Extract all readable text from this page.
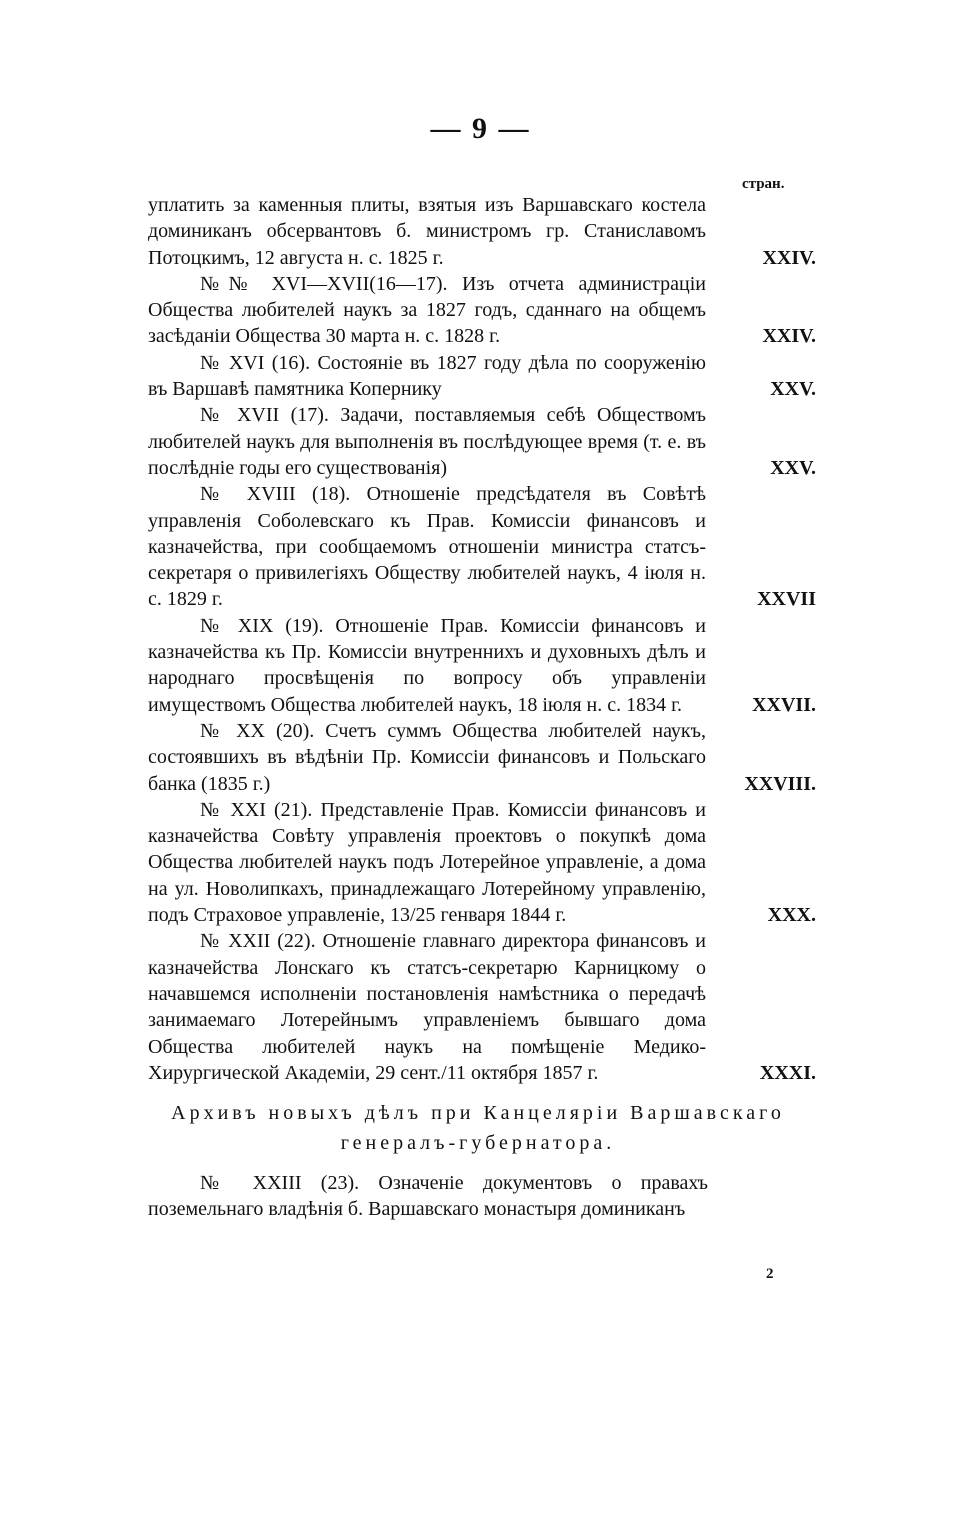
— 9 —
стран.
уплатить за каменныя плиты, взятыя изъ Варшавскаго костела доминиканъ обсервантовъ б. министромъ гр. Станиславомъ Потоцкимъ, 12 августа н. с. 1825 г.	XXIV.
№№ XVI—XVII(16—17). Изъ отчета администраціи Общества любителей наукъ за 1827 годъ, сданнаго на общемъ засѣданіи Общества 30 марта н. с. 1828 г.	XXIV.
№ XVI (16). Состояніе въ 1827 году дѣла по сооруженію въ Варшавѣ памятника Копернику	XXV.
№ XVII (17). Задачи, поставляемыя себѣ Обществомъ любителей наукъ для выполненія въ послѣдующее время (т. е. въ послѣдніе годы его существованія)	XXV.
№ XVIII (18). Отношеніе предсѣдателя въ Совѣтѣ управленія Соболевскаго къ Прав. Комиссіи финансовъ и казначейства, при сообщаемомъ отношеніи министра статсъ-секретаря о привилегіяхъ Обществу любителей наукъ, 4 іюля н. с. 1829 г.	XXVII
№ XIX (19). Отношеніе Прав. Комиссіи финансовъ и казначейства къ Пр. Комиссіи внутреннихъ и духовныхъ дѣлъ и народнаго просвѣщенія по вопросу объ управленіи имуществомъ Общества любителей наукъ, 18 іюля н. с. 1834 г.	XXVII.
№ XX (20). Счетъ суммъ Общества любителей наукъ, состоявшихъ въ вѣдѣніи Пр. Комиссіи финансовъ и Польскаго банка (1835 г.)	XXVIII.
№ XXI (21). Представленіе Прав. Комиссіи финансовъ и казначейства Совѣту управленія проектовъ о покупкѣ дома Общества любителей наукъ подъ Лотерейное управленіе, а дома на ул. Новолипкахъ, принадлежащаго Лотерейному управленію, подъ Страховое управленіе, 13/25 генваря 1844 г.	XXX.
№ XXII (22). Отношеніе главнаго директора финансовъ и казначейства Лонскаго къ статсъ-секретарю Карницкому о начавшемся исполненіи постановленія намѣстника о передачѣ занимаемаго Лотерейнымъ управленіемъ бывшаго дома Общества любителей наукъ на помѣщеніе Медико-Хирургической Академіи, 29 сент./11 октября 1857 г.	XXXI.
Архивъ новыхъ дѣлъ при Канцеляріи Варшавскаго генералъ-губернатора.
№ XXIII (23). Означеніе документовъ о правахъ поземельнаго владѣнія б. Варшавскаго монастыря доминиканъ
2
